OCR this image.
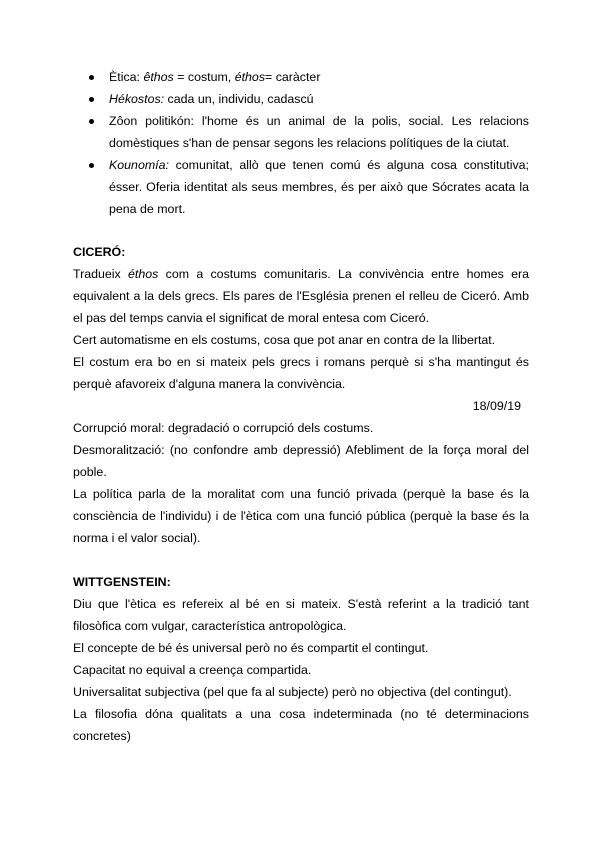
Ètica: êthos = costum, éthos= caràcter
Hékostos: cada un, individu, cadascú
Zôon politikón: l'home és un animal de la polis, social. Les relacions domèstiques s'han de pensar segons les relacions polítiques de la ciutat.
Kounomía: comunitat, allò que tenen comú és alguna cosa constitutiva; ésser. Oferia identitat als seus membres, és per això que Sócrates acata la pena de mort.
CICERÓ:

Tradueix éthos com a costums comunitaris. La convivència entre homes era equivalent a la dels grecs. Els pares de l'Església prenen el relleu de Ciceró. Amb el pas del temps canvia el significat de moral entesa com Ciceró.

Cert automatisme en els costums, cosa que pot anar en contra de la llibertat.

El costum era bo en si mateix pels grecs i romans perquè si s'ha mantingut és perquè afavoreix d'alguna manera la convivència.

18/09/19

Corrupció moral: degradació o corrupció dels costums.

Desmoralització: (no confondre amb depressió) Afebliment de la força moral del poble.

La política parla de la moralitat com una funció privada (perquè la base és la consciència de l'individu) i de l'ètica com una funció pública (perquè la base és la norma i el valor social).

WITTGENSTEIN:

Diu que l'ètica es refereix al bé en si mateix. S'està referint a la tradició tant filosòfica com vulgar, característica antropològica.

El concepte de bé és universal però no és compartit el contingut.

Capacitat no equival a creença compartida.

Universalitat subjectiva (pel que fa al subjecte) però no objectiva (del contingut).

La filosofia dóna qualitats a una cosa indeterminada (no té determinacions concretes)
